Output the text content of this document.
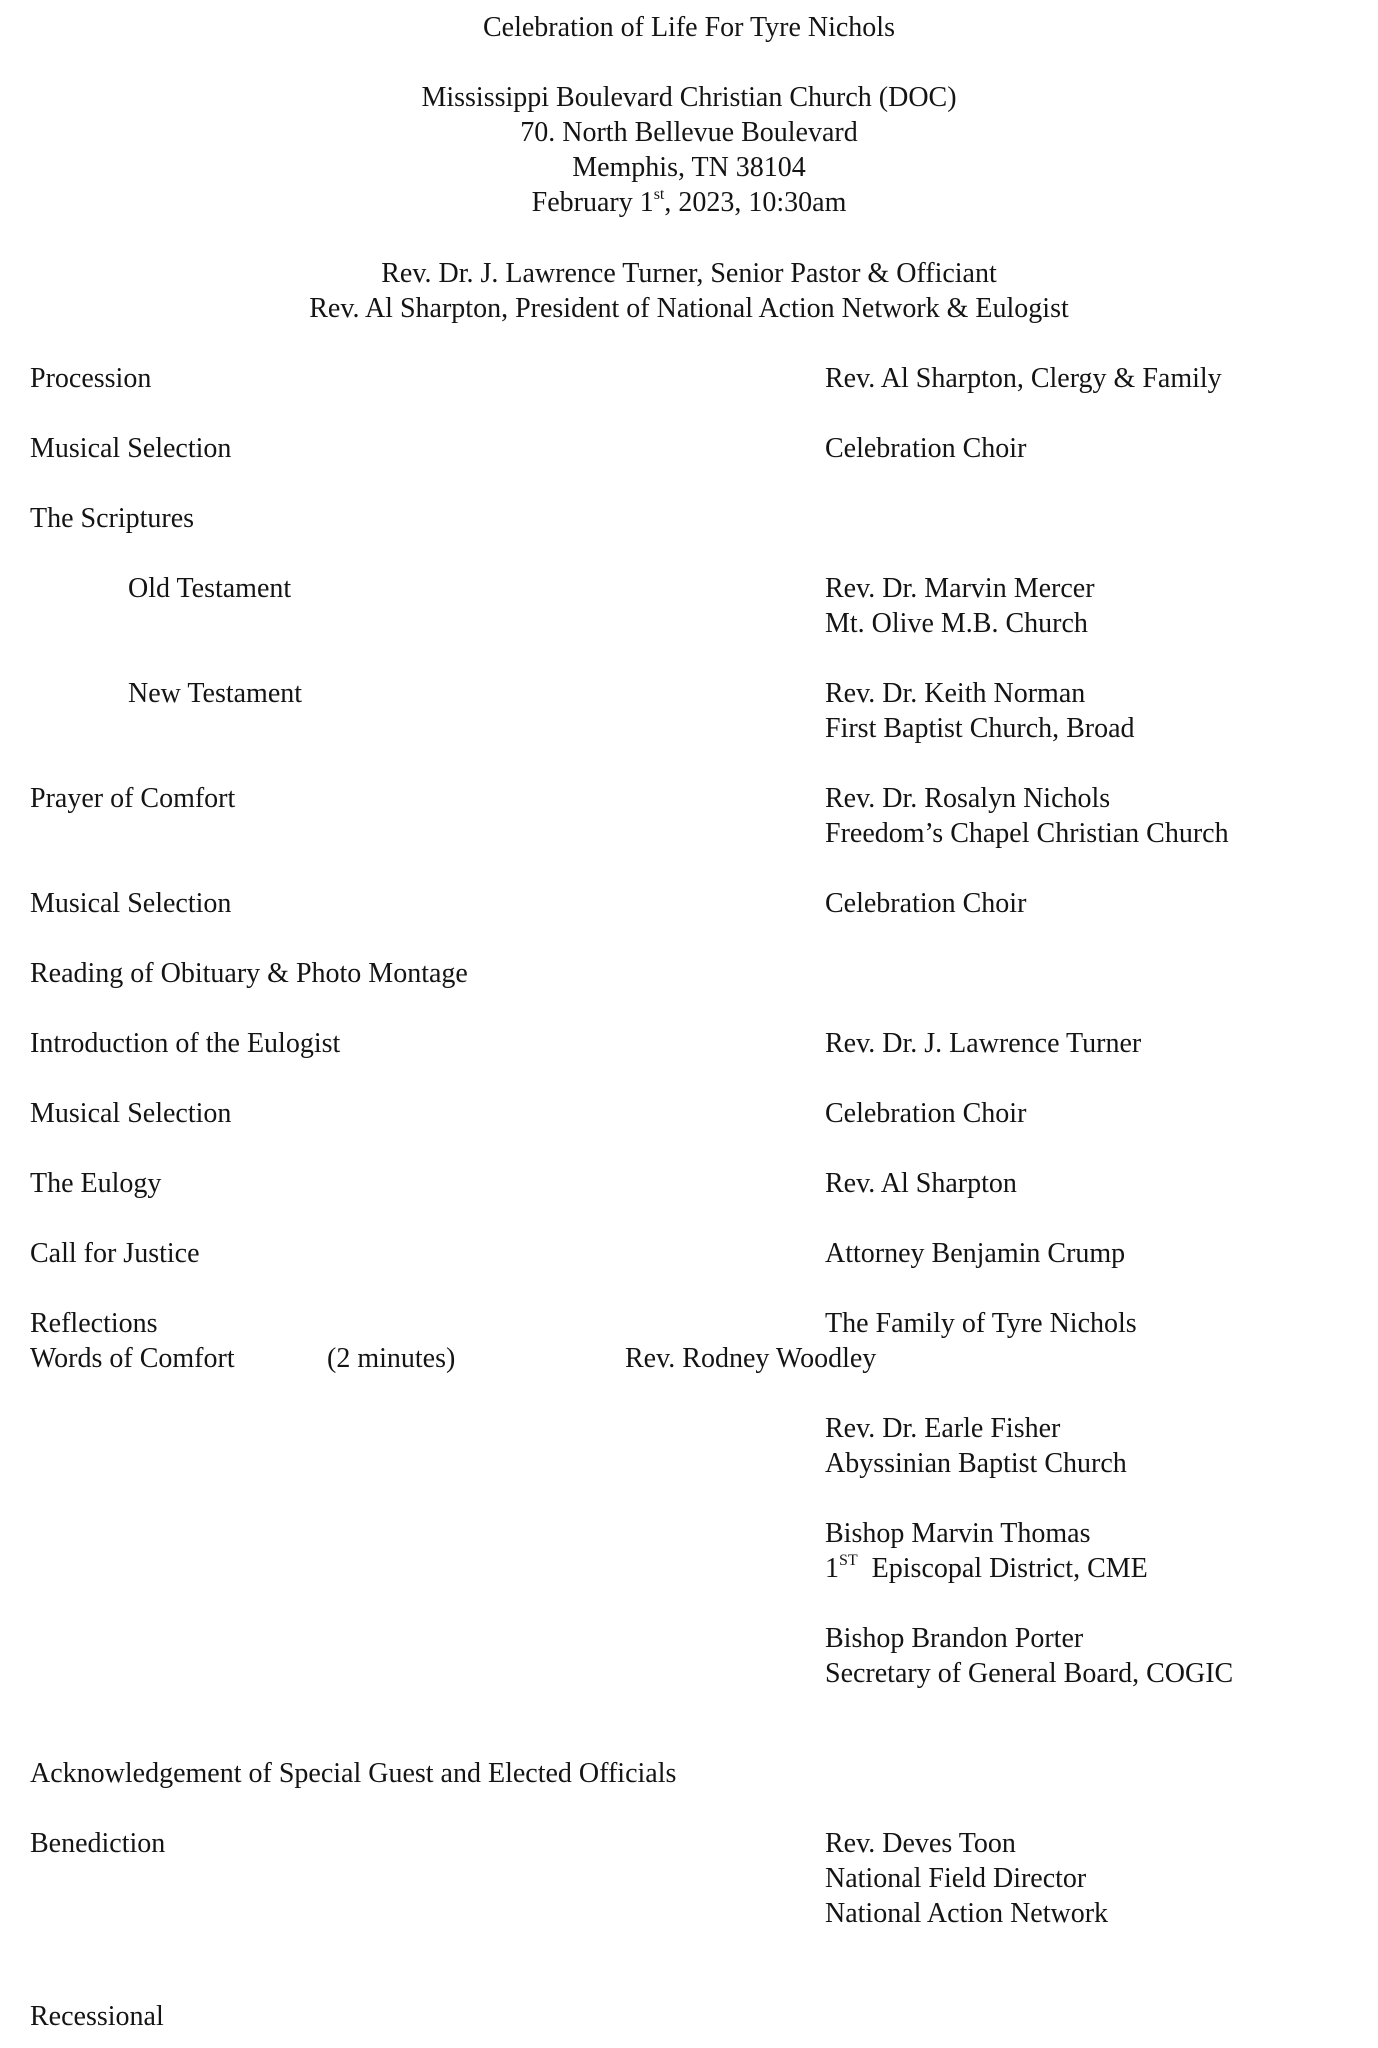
Celebration of Life For Tyre Nichols
Mississippi Boulevard Christian Church (DOC)
70. North Bellevue Boulevard
Memphis, TN 38104
February 1st, 2023, 10:30am
Rev. Dr. J. Lawrence Turner, Senior Pastor & Officiant
Rev. Al Sharpton, President of National Action Network & Eulogist
Procession	Rev. Al Sharpton, Clergy & Family
Musical Selection	Celebration Choir
The Scriptures
Old Testament	Rev. Dr. Marvin Mercer
Mt. Olive M.B. Church
New Testament	Rev. Dr. Keith Norman
First Baptist Church, Broad
Prayer of Comfort	Rev. Dr. Rosalyn Nichols
Freedom’s Chapel Christian Church
Musical Selection	Celebration Choir
Reading of Obituary & Photo Montage
Introduction of the Eulogist	Rev. Dr. J. Lawrence Turner
Musical Selection	Celebration Choir
The Eulogy	Rev. Al Sharpton
Call for Justice	Attorney Benjamin Crump
Reflections	The Family of Tyre Nichols
Words of Comfort	(2 minutes)	Rev. Rodney Woodley
Rev. Dr. Earle Fisher
Abyssinian Baptist Church
Bishop Marvin Thomas
1ST Episcopal District, CME
Bishop Brandon Porter
Secretary of General Board, COGIC
Acknowledgement of Special Guest and Elected Officials
Benediction	Rev. Deves Toon
National Field Director
National Action Network
Recessional
